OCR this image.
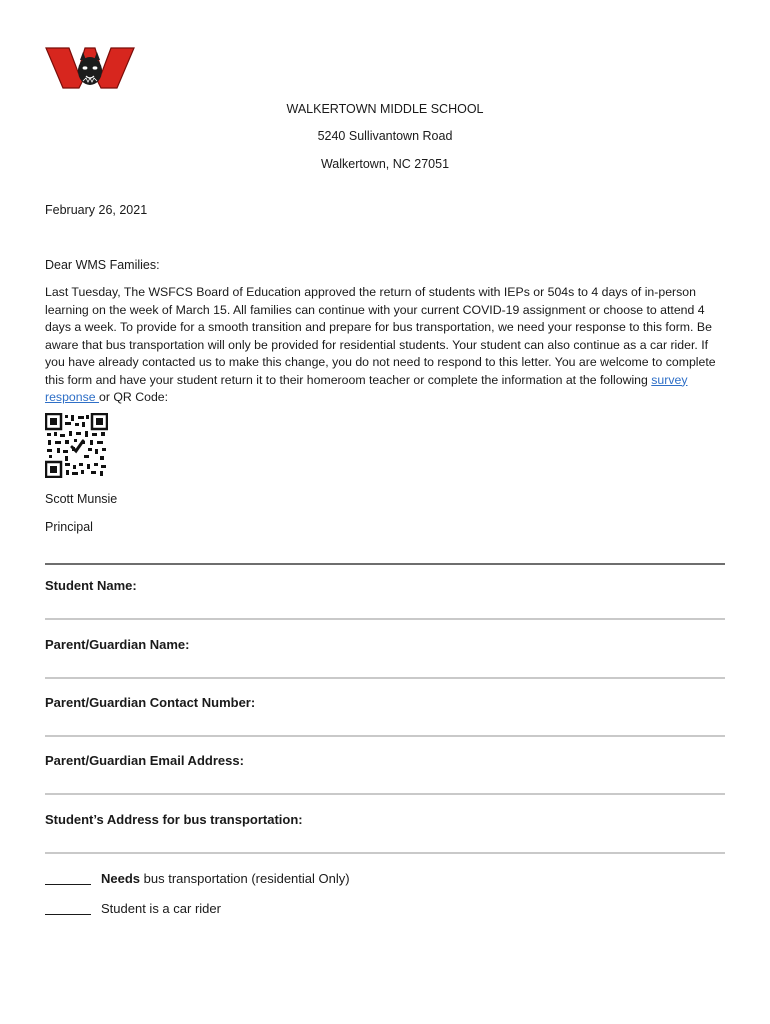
WALKERTOWN MIDDLE SCHOOL
5240 Sullivantown Road
Walkertown, NC 27051
February 26, 2021
Dear WMS Families:

Last Tuesday, The WSFCS Board of Education approved the return of students with IEPs or 504s to 4 days of in-person learning on the week of March 15. All families can continue with your current COVID-19 assignment or choose to attend 4 days a week. To provide for a smooth transition and prepare for bus transportation, we need your response to this form. Be aware that bus transportation will only be provided for residential students. Your student can also continue as a car rider. If you have already contacted us to make this change, you do not need to respond to this letter. You are welcome to complete this form and have your student return it to their homeroom teacher or complete the information at the following survey response or QR Code:

Scott Munsie
Principal
Student Name:
Parent/Guardian Name:
Parent/Guardian Contact Number:
Parent/Guardian Email Address:
Student’s Address for bus transportation:
Needs bus transportation (residential Only)
Student is a car rider
